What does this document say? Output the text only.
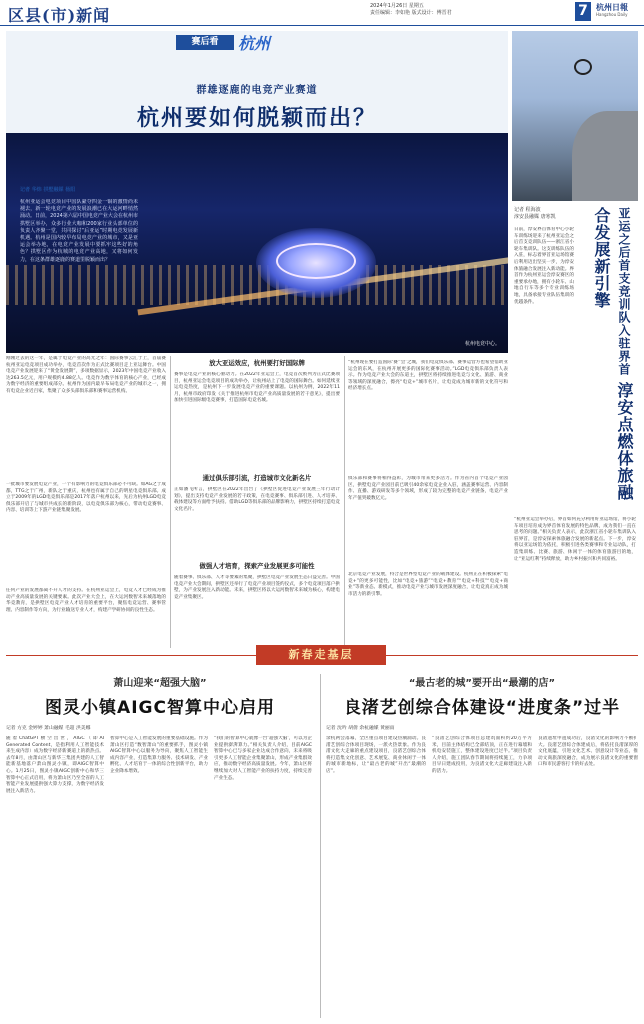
区县(市)新闻	2024年1月26日 星期五
责任编辑：李如艳 版式设计：傅晋君	7	杭州日報
Hangzhou Daily
赛后看	杭州
群雄逐鹿的电竞产业赛道
杭州要如何脱颖而出？
杭州电竞中心。
记者 华炜 拱墅融媒 杨阳
杭州亚运会电竞项目中国队豪夺四金一铜的激情尚未褪去，新一轮电竞产业的发展浪潮已在大运河畔悄然涌动。日前，2024第六届中国电竞产业大会在杭州市拱墅区举办，众多行业大咖和200家行业头部单位的负责人齐聚一堂，共同探讨“后亚运”时期电竞发展新机遇。杭州是国内较早布局电竞产业的城市，又是亚运会举办地，在电竞产业发展中要抓牢这些好的角色？拱墅区作为杭城的电竞产业高地，又将如何发力，在这条群雄逐鹿的赛道里脱颖而出？
刚刚过去的这一年，是属于电竞产业的高光之年：国际赛事云汇于上，首届赛杭州亚运电竞项目成功举办，电竞首次作为正式比赛项目走上亚运舞台。中国电竞产业发展迎来了“黄金发展期”，多项数据显示，2023年中国电竞产业收入达263.5亿元，用户规模约4.88亿人。电竞作为数字体育的核心产业，已经成为数字经济的重要组成部分。杭州作为国内最早布局电竞产业的城市之一，拥有电竞企业近百家，集聚了众多头部俱乐部和赛事运营机构。
一批城市要发展电竞产业，一个有影响力的电竞俱乐部必不可缺。如AG之于成都，TTG之于广州，新队之于重庆，杭州也有属于自己的明星电竞俱乐部。成立于2009年的LGD电竞俱乐部是2017年落户杭州以来，先后为杭州LGD电竞俱乐部开启了与城市共成长的新阶段，以电竞俱乐部为核心，带动电竞赛事、内容、培训等上下游产业链集聚发展。
任何产业的发展都离不开人才的支持。在杭州亚运会上，电竞人才已经成为推动产业高质量发展的关键要素。此次产业大会上，在大运河数智未来城落地的华竞教育，是拱墅区电竞产业人才培育的重要平台，聚焦电竞运营、赛事管理、内容制作等方向，为行业输送专业人才，构建产学研协同的良性生态。
放大亚运效应，杭州要打好国际牌
赛事是电竞产业的核心驱动力。在2022年亚运会上，电竞首次被列为正式比赛项目，杭州亚运会电竞项目的成功举办，让杭州站上了电竞的国际舞台。如何延续亚运电竞热度，是杭州下一步发展电竞产业的重要课题。以杭州为例，2022年11月，杭州市政府印发《关于推进杭州市电竞产业高质量发展的若干意见》，提出要加快引进国际级电竞赛事，打造国际电竞名城。
通过俱乐部引流，打造城市文化新名片
正如潘飞所言，拱墅区在2022年出台了《拱墅区促进电竞产业发展三年行动计划》，提出支持电竞产业发展的若干政策，在电竞赛事、俱乐部引进、人才培养、载体建设等方面给予扶持。借助LGD等俱乐部的品牌影响力，拱墅区持续打造电竞文化名片。
做强人才培育，探索产业发展更多可能性
随着赛事、俱乐部、人才等要素的集聚，拱墅区电竞产业发展生态日益完善。中国电竞产业大会期间，拱墅区还举行了电竞产业项目签约仪式，多个电竞项目落户拱墅，为产业发展注入新动能。未来，拱墅区将以大运河数智未来城为核心，构建电竞产业集聚区。
“杭州现在要打造国际‘赛’‘会’之城，我们电竞俱乐部、赛事运营方也希望借助亚运会的东风，在杭州开展更多的国际化赛事活动。”LGD电竞俱乐部负责人表示。作为电竞产业大会的东道主，拱墅区将持续推进电竞与文化、旅游、商业等领域的深度融合，擦亮“电竞+”城市名片，让电竞成为城市新的文化符号和经济增长点。
俱乐部和赛事将相得益彰，为城市带来更多活力。作为省内首个电竞产业园区，拱墅电竞产业园目前已吸引40余家电竞企业入驻，涵盖赛事运营、内容制作、直播、游戏研发等多个领域，形成了较为完整的电竞产业链条，电竞产业年产值突破数亿元。
北京电竞产业发展，特合是世界型电竞产业的载体建设。杭州正在积极探索“电竞+”的更多可能性，比如“电竞+旅游”“电竞+教育”“电竞+科技”“电竞+商业”等新业态、新模式，推动电竞产业与城市发展深度融合，让电竞真正成为城市活力的新引擎。
记者 程海波
淳安县融媒 唐寒凯	亚运之后首支竞训队入驻界首 淳安点燃体旅融合发展新引擎
日前，淳安界首体育中心小轮车训练场迎来了杭州亚运会之后首支竞训队伍——浙江省小轮车集训队。这支训练队伍的入驻，标志着界首亚运场馆赛后利用迈出坚实一步，为淳安体旅融合发展注入新动能。界首作为杭州亚运会淳安赛区的重要承办地，拥有小轮车、山地自行车等多个专业训练场地，具备承接专业队伍集训的优越条件。
“杭州亚运会举办后，界首如何充分利用好亚运场馆，将小轮车项目培育成为界首体育发展的特色品牌，成为我们一直在思考的问题。”相关负责人表示，此次浙江省小轮车集训队入驻界首，是淳安探索体旅融合发展的新起点。下一步，淳安将以亚运场馆为依托，积极引进各类赛事和专业运动队，打造集训练、比赛、旅游、休闲于一体的体育旅游目的地，让“亚运红利”持续释放，助力乡村振兴和共同富裕。
新春走基层
萧山迎来“超强大脑”
图灵小镇AIGC智算中心启用
记者 方克 金婷婷 萧山融媒 毛超 洪美娜
随着ChatGPT横空出世，AIGC（即AI Generated Content，是指利用人工智能技术来生成内容）成为数字经济新赛道上的新热点。去年8月，由萧山区与新华三集团共建的人工智能新基地落户萧山图灵小镇，即AIGC智算中心。1月25日，图灵小镇AIGC创新中心和华三智算中心正式启用，将为萧山区乃至全省的人工智能产业发展提供强大算力支撑，为数字经济发展注入新活力。
智算中心是人工智能发展的重要基础设施。作为萧山区打造“数智萧山”的重要抓手，图灵小镇AIGC智算中心以服务为导向，聚焦人工智能生成内容产业，打造集算力服务、技术研发、产业孵化、人才培育于一体的综合性创新平台，助力企业降本增效。
“我们的智算中心就像一台‘超强大脑’，可以为企业提供澎湃算力。”相关负责人介绍，目前AIGC智算中心已与多家企业达成合作意向，未来将吸引更多人工智能企业集聚萧山，形成产业集群效应，推动数字经济高质量发展。今年，萧山区将继续加大对人工智能产业的扶持力度，持续完善产业生态。
“最古老的城”要开出“最潮的店”
良渚艺创综合体建设“进度条”过半
记者 沈吟 胡倩 余杭融媒 黄丽雨
余杭两会落幕，全区重点项目建设热潮涌动。良渚艺创综合体项目现场，一派火热景象。作为良渚文化大走廊的重点建设项目，良渚艺创综合体将打造集文化创意、艺术展览、商业休闲于一体的城市新地标，让“最古老的城”开出“最潮的店”。
“良渚艺创综合体项目总建筑面积约20万平方米，目前主体结构已全部结顶，正在进行幕墙和机电安装施工，整体建设进度已过半。”项目负责人介绍，施工团队春节期间将持续施工，力争项目早日建成投用，为良渚文化大走廊建设注入新的活力。
良渚遗址申遗成功后，良渚文化的影响力不断扩大。良渚艺创综合体建成后，将依托良渚深厚的文化底蕴，引进文化艺术、创意设计等业态，推动文商旅深度融合，成为展示良渚文化的重要窗口和市民游客打卡的好去处。
